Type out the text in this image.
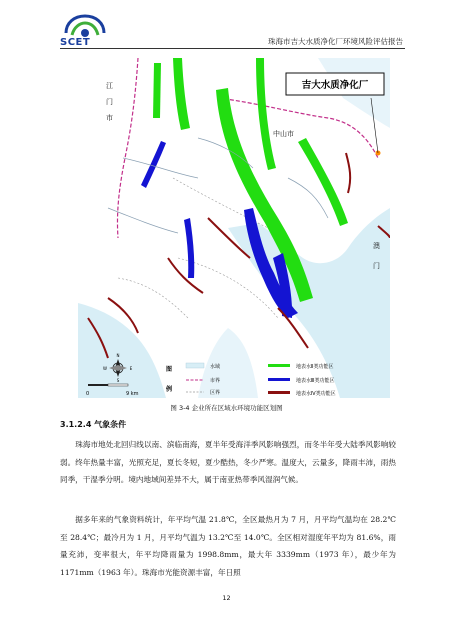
SCET	珠海市吉大水质净化厂环境风险评估报告
江
门
市
中山市
澳
门
吉大水质净化厂
N
S
W	E
0	9 km
图
例
水域
市界
区界
地表水Ⅱ类功能区
地表水Ⅲ类功能区
地表水Ⅳ类功能区
图 3-4 企业所在区域水环境功能区划图
3.1.2.4 气象条件
珠海市地处北回归线以南、滨临南海，夏半年受海洋季风影响强烈，而冬半年受大陆季风影响较弱。终年热量丰富，光照充足，夏长冬短，夏少酷热，冬少严寒。温度大，云量多，降雨丰沛，雨热同季，干湿季分明。境内地域间差异不大，属于南亚热带季风湿润气候。
据多年来的气象资料统计，年平均气温 21.8℃，全区最热月为 7 月，月平均气温均在 28.2℃至 28.4℃；最冷月为 1 月，月平均气温为 13.2℃至 14.0℃。全区相对湿度年平均为 81.6%，雨量充沛，变率很大，年平均降雨量为 1998.8mm，最大年 3339mm（1973 年），最少年为 1171mm（1963 年）。珠海市光能资源丰富，年日照
12
